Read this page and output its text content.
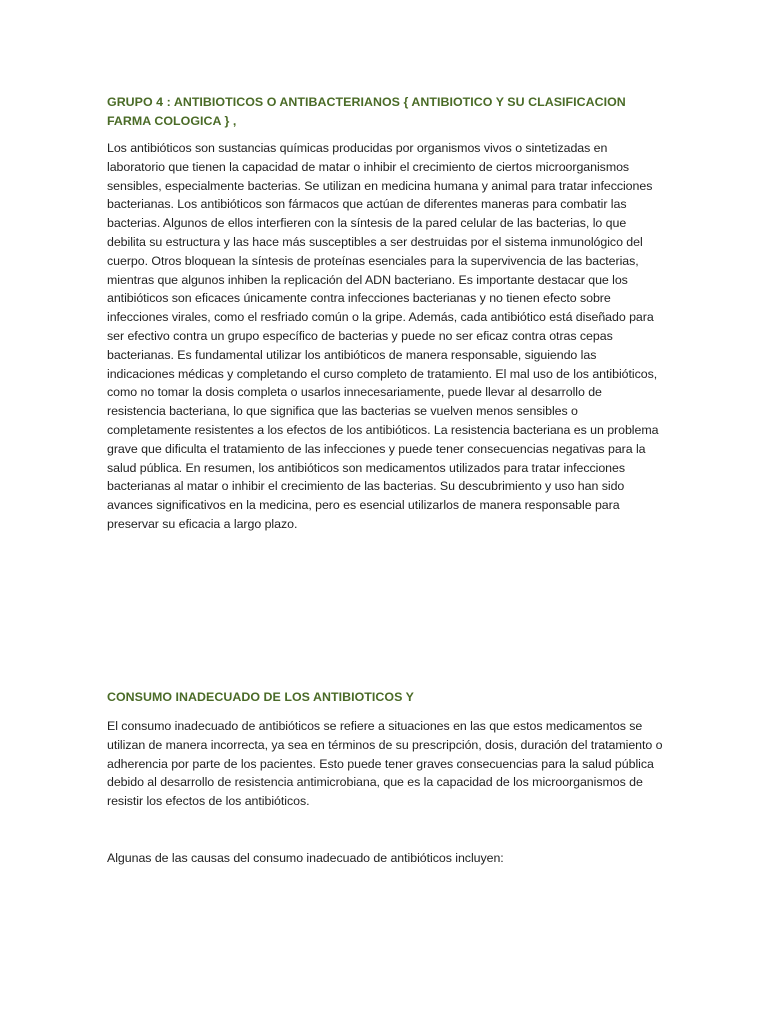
GRUPO 4 : ANTIBIOTICOS O ANTIBACTERIANOS { ANTIBIOTICO Y SU CLASIFICACION FARMA COLOGICA } ,

Los antibióticos son sustancias químicas producidas por organismos vivos o sintetizadas en laboratorio que tienen la capacidad de matar o inhibir el crecimiento de ciertos microorganismos sensibles, especialmente bacterias. Se utilizan en medicina humana y animal para tratar infecciones bacterianas. Los antibióticos son fármacos que actúan de diferentes maneras para combatir las bacterias. Algunos de ellos interfieren con la síntesis de la pared celular de las bacterias, lo que debilita su estructura y las hace más susceptibles a ser destruidas por el sistema inmunológico del cuerpo. Otros bloquean la síntesis de proteínas esenciales para la supervivencia de las bacterias, mientras que algunos inhiben la replicación del ADN bacteriano. Es importante destacar que los antibióticos son eficaces únicamente contra infecciones bacterianas y no tienen efecto sobre infecciones virales, como el resfriado común o la gripe. Además, cada antibiótico está diseñado para ser efectivo contra un grupo específico de bacterias y puede no ser eficaz contra otras cepas bacterianas. Es fundamental utilizar los antibióticos de manera responsable, siguiendo las indicaciones médicas y completando el curso completo de tratamiento. El mal uso de los antibióticos, como no tomar la dosis completa o usarlos innecesariamente, puede llevar al desarrollo de resistencia bacteriana, lo que significa que las bacterias se vuelven menos sensibles o completamente resistentes a los efectos de los antibióticos. La resistencia bacteriana es un problema grave que dificulta el tratamiento de las infecciones y puede tener consecuencias negativas para la salud pública. En resumen, los antibióticos son medicamentos utilizados para tratar infecciones bacterianas al matar o inhibir el crecimiento de las bacterias. Su descubrimiento y uso han sido avances significativos en la medicina, pero es esencial utilizarlos de manera responsable para preservar su eficacia a largo plazo.

CONSUMO INADECUADO DE LOS ANTIBIOTICOS Y

El consumo inadecuado de antibióticos se refiere a situaciones en las que estos medicamentos se utilizan de manera incorrecta, ya sea en términos de su prescripción, dosis, duración del tratamiento o adherencia por parte de los pacientes. Esto puede tener graves consecuencias para la salud pública debido al desarrollo de resistencia antimicrobiana, que es la capacidad de los microorganismos de resistir los efectos de los antibióticos.

Algunas de las causas del consumo inadecuado de antibióticos incluyen:
